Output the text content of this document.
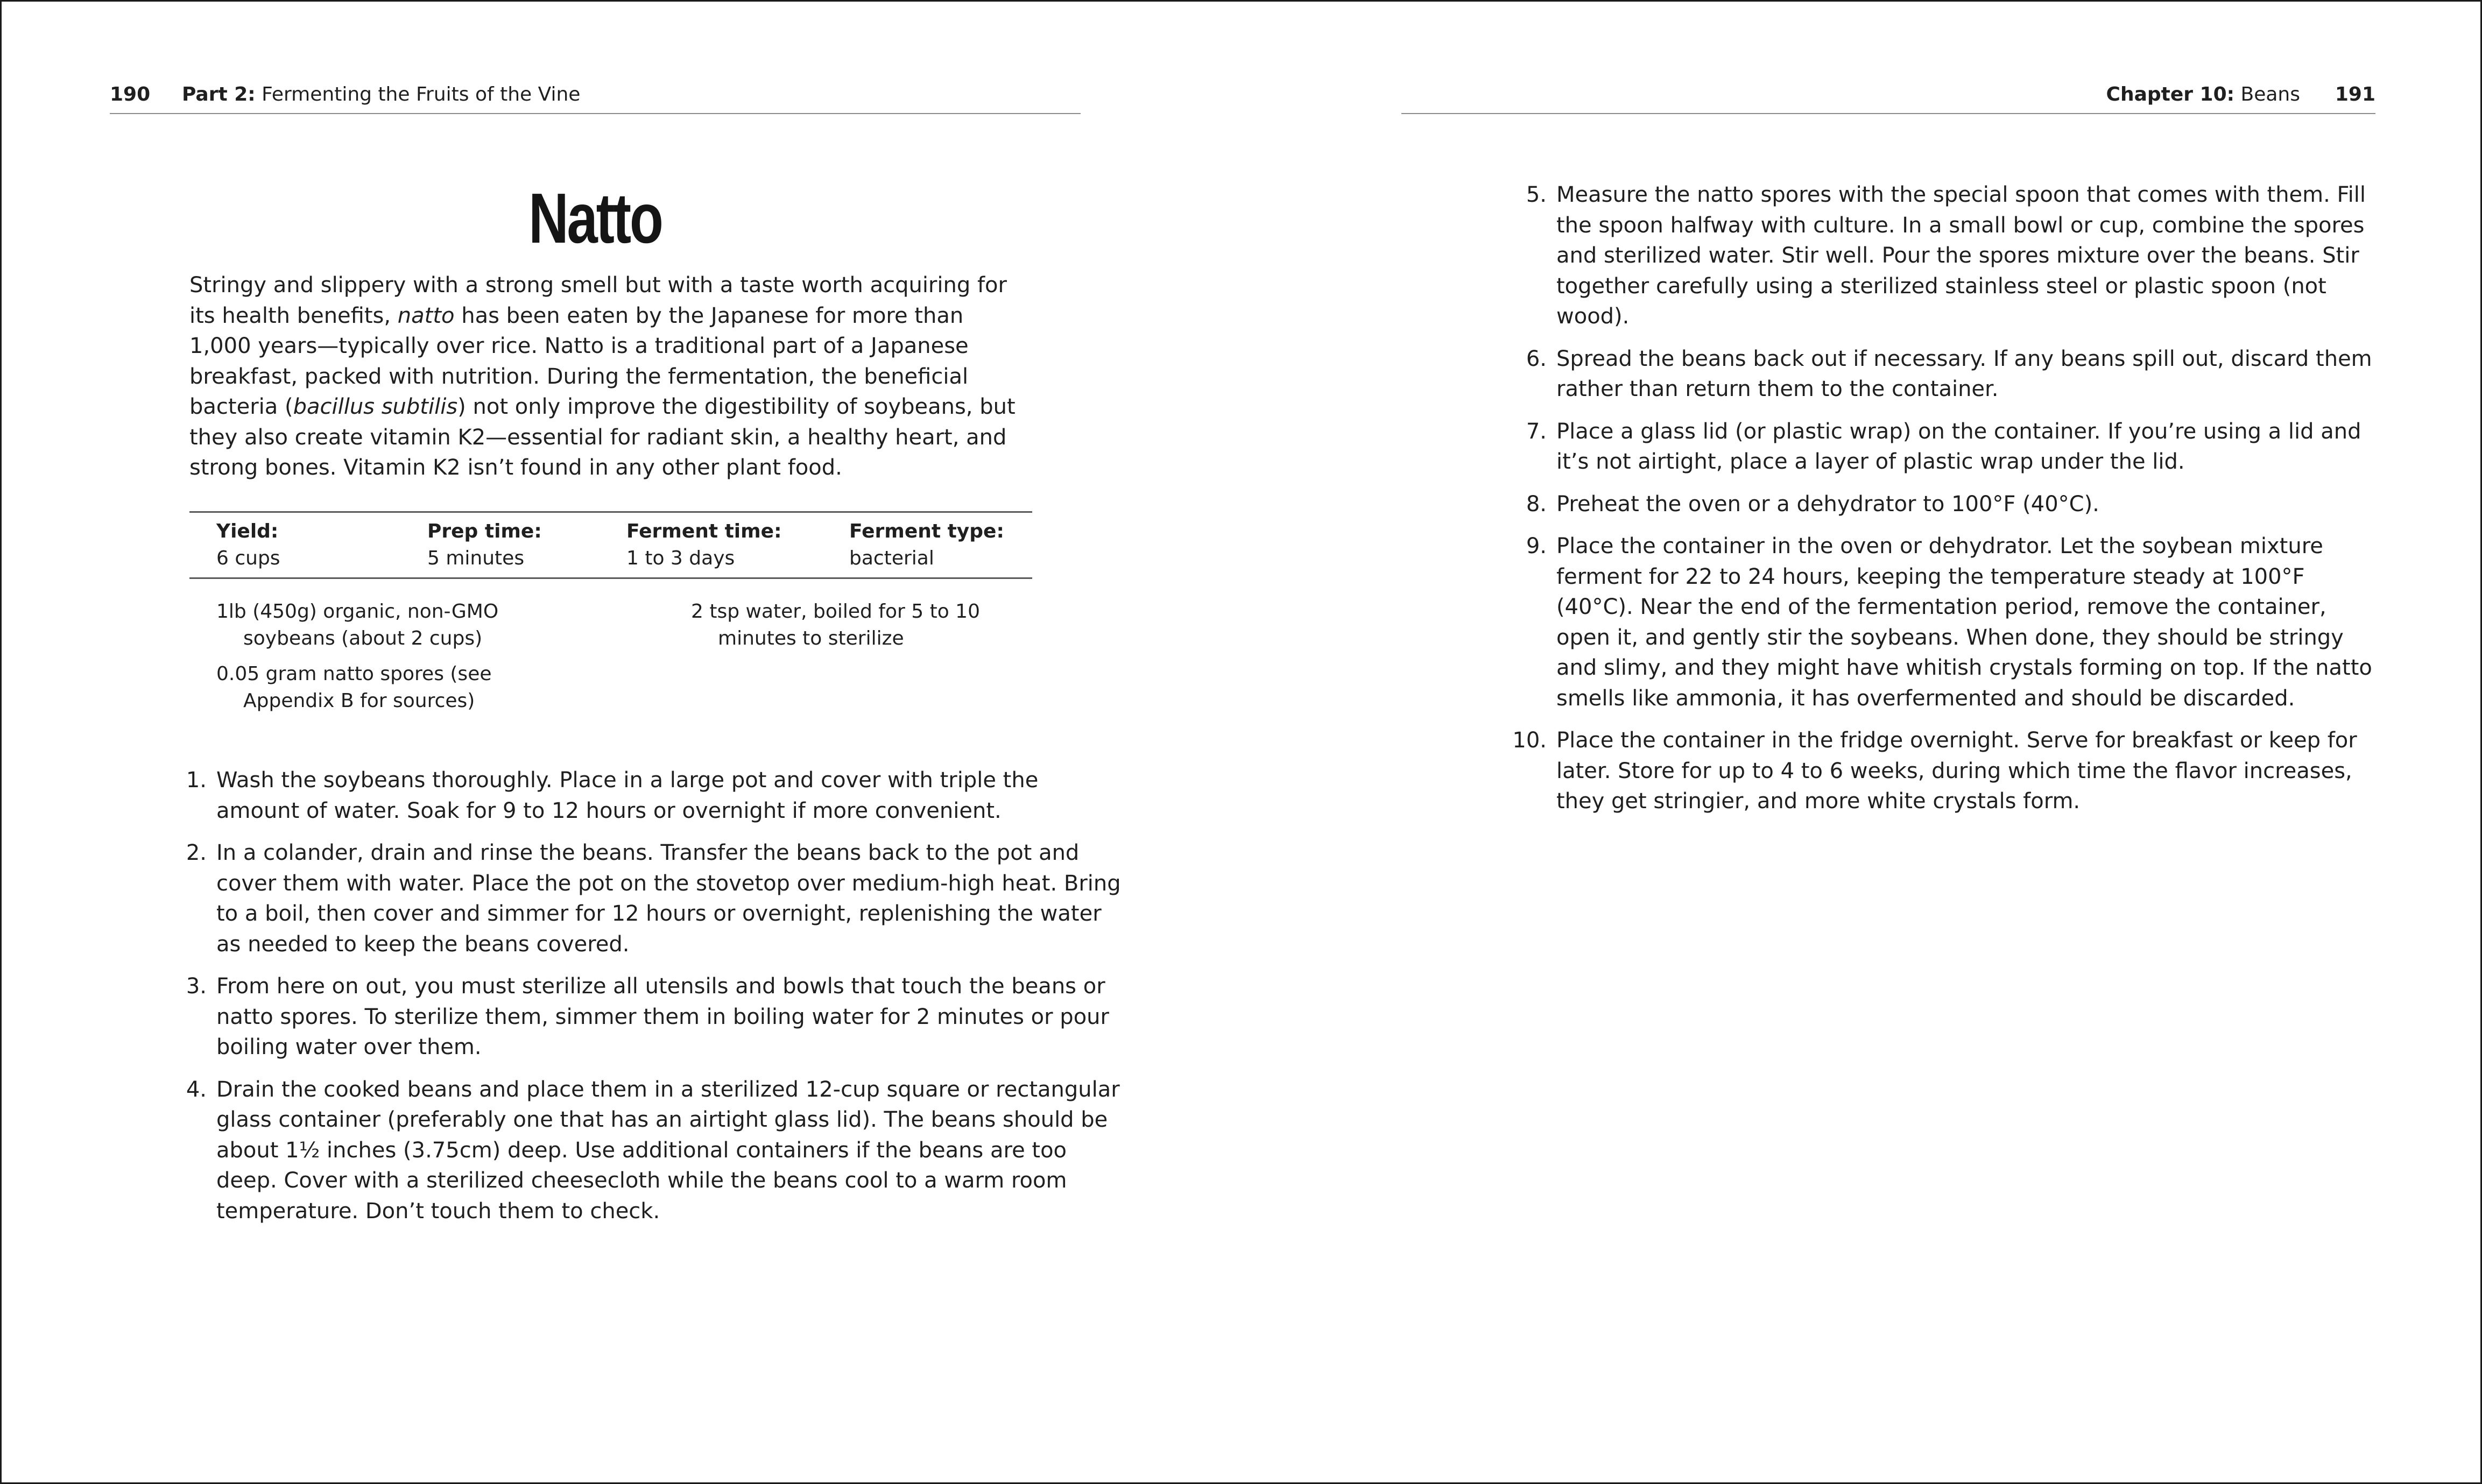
190 Part 2: Fermenting the Fruits of the Vine
Natto

Stringy and slippery with a strong smell but with a taste worth acquiring for its health benefits, natto has been eaten by the Japanese for more than 1,000 years—typically over rice. Natto is a traditional part of a Japanese breakfast, packed with nutrition. During the fermentation, the beneficial bacteria (bacillus subtilis) not only improve the digestibility of soybeans, but they also create vitamin K2—essential for radiant skin, a healthy heart, and strong bones. Vitamin K2 isn’t found in any other plant food.

Yield:
6 cups
Prep time:
5 minutes
Ferment time:
1 to 3 days
Ferment type:
bacterial
1lb (450g) organic, non-GMO soybeans (about 2 cups)
0.05 gram natto spores (see Appendix B for sources)
2 tsp water, boiled for 5 to 10 minutes to sterilize
1. Wash the soybeans thoroughly. Place in a large pot and cover with triple the amount of water. Soak for 9 to 12 hours or overnight if more convenient.
2. In a colander, drain and rinse the beans. Transfer the beans back to the pot and cover them with water. Place the pot on the stovetop over medium-high heat. Bring to a boil, then cover and simmer for 12 hours or overnight, replenishing the water as needed to keep the beans covered.
3. From here on out, you must sterilize all utensils and bowls that touch the beans or natto spores. To sterilize them, simmer them in boiling water for 2 minutes or pour boiling water over them.
4. Drain the cooked beans and place them in a sterilized 12-cup square or rectangular glass container (preferably one that has an airtight glass lid). The beans should be about 1½ inches (3.75cm) deep. Use additional containers if the beans are too deep. Cover with a sterilized cheesecloth while the beans cool to a warm room temperature. Don’t touch them to check.
Chapter 10: Beans 191
5. Measure the natto spores with the special spoon that comes with them. Fill the spoon halfway with culture. In a small bowl or cup, combine the spores and sterilized water. Stir well. Pour the spores mixture over the beans. Stir together carefully using a sterilized stainless steel or plastic spoon (not wood).
6. Spread the beans back out if necessary. If any beans spill out, discard them rather than return them to the container.
7. Place a glass lid (or plastic wrap) on the container. If you’re using a lid and it’s not airtight, place a layer of plastic wrap under the lid.
8. Preheat the oven or a dehydrator to 100°F (40°C).
9. Place the container in the oven or dehydrator. Let the soybean mixture ferment for 22 to 24 hours, keeping the temperature steady at 100°F (40°C). Near the end of the fermentation period, remove the container, open it, and gently stir the soybeans. When done, they should be stringy and slimy, and they might have whitish crystals forming on top. If the natto smells like ammonia, it has overfermented and should be discarded.
10. Place the container in the fridge overnight. Serve for breakfast or keep for later. Store for up to 4 to 6 weeks, during which time the flavor increases, they get stringier, and more white crystals form.
